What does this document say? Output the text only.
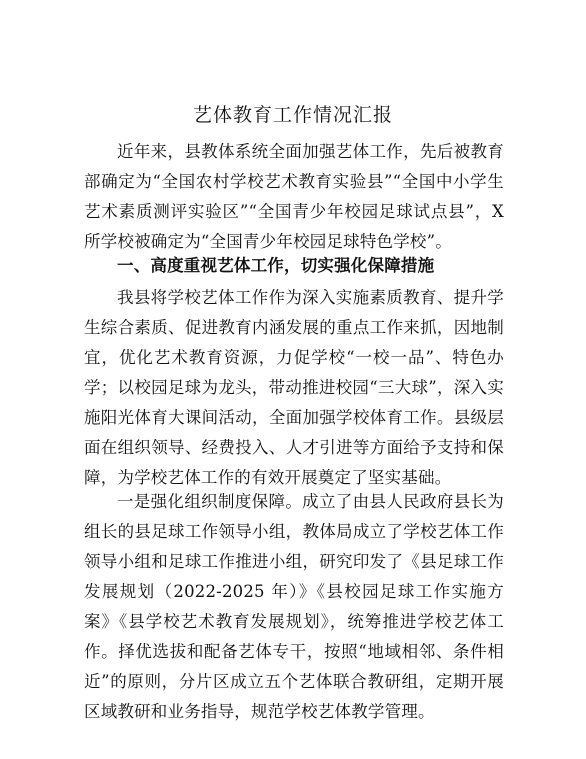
艺体教育工作情况汇报

近年来，县教体系统全面加强艺体工作，先后被教育部确定为“全国农村学校艺术教育实验县”“全国中小学生艺术素质测评实验区”“全国青少年校园足球试点县”，X 所学校被确定为“全国青少年校园足球特色学校”。

一、高度重视艺体工作，切实强化保障措施

我县将学校艺体工作作为深入实施素质教育、提升学生综合素质、促进教育内涵发展的重点工作来抓，因地制宜，优化艺术教育资源，力促学校“一校一品”、特色办学；以校园足球为龙头，带动推进校园“三大球”，深入实施阳光体育大课间活动，全面加强学校体育工作。县级层面在组织领导、经费投入、人才引进等方面给予支持和保障，为学校艺体工作的有效开展奠定了坚实基础。

一是强化组织制度保障。成立了由县人民政府县长为组长的县足球工作领导小组，教体局成立了学校艺体工作领导小组和足球工作推进小组，研究印发了《县足球工作发展规划（2022-2025 年）》《县校园足球工作实施方案》《县学校艺术教育发展规划》，统筹推进学校艺体工作。择优选拔和配备艺体专干，按照“地域相邻、条件相近”的原则，分片区成立五个艺体联合教研组，定期开展区域教研和业务指导，规范学校艺体教学管理。
